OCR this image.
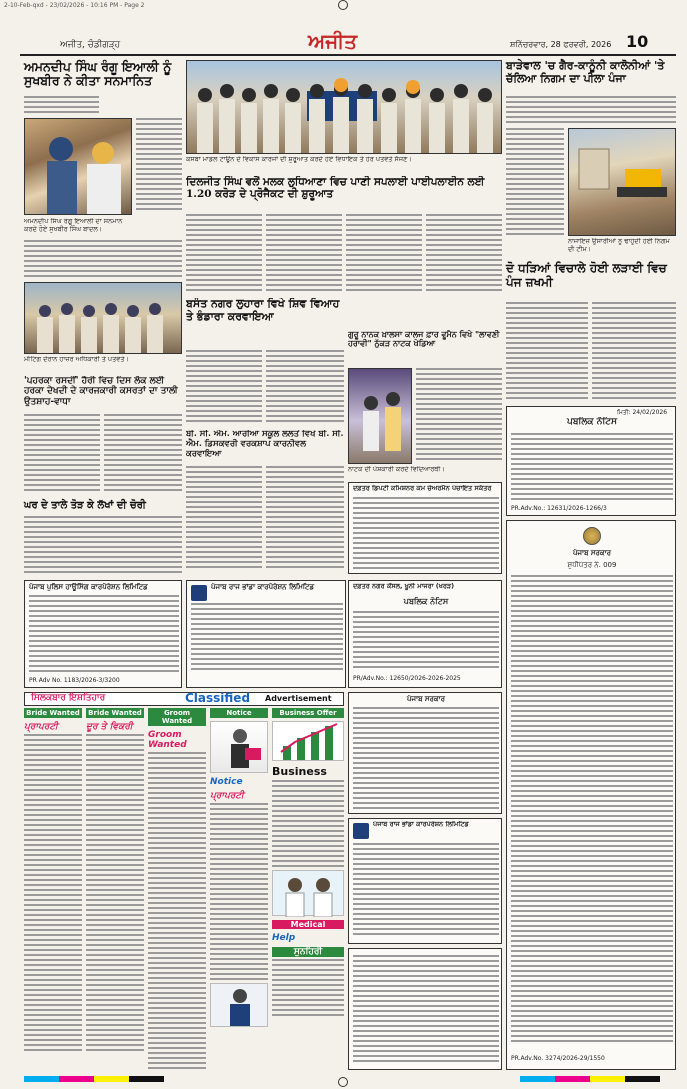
2-10-Feb-qxd - 23/02/2026 - 10:16 PM - Page 2
ਅਜੀਤ, ਚੰਡੀਗੜ੍ਹ	ਅਜੀਤ	ਸ਼ਨਿੱਚਰਵਾਰ, 28 ਫਰਵਰੀ, 2026 10
ਅਮਨਦੀਪ ਸਿੰਘ ਰੰਗੂ ਇਆਲੀ ਨੂੰ ਸੁਖਬੀਰ ਨੇ ਕੀਤਾ ਸਨਮਾਨਿਤ
ਅਮਨਦੀਪ ਸਿੰਘ ਰੰਗੂ ਇਆਲੀ ਦਾ ਸਨਮਾਨ ਕਰਦੇ ਹੋਏ ਸੁਖਬੀਰ ਸਿੰਘ ਬਾਦਲ।
ਮੀਟਿੰਗ ਦੌਰਾਨ ਹਾਜ਼ਰ ਅਧਿਕਾਰੀ ਤੇ ਪਤਵੰਤੇ।
'ਪਹਰਕਾ ਰਸਦੀਂ' ਹੈਰੀ ਵਿਚ ਦਿਸ ਲੋਕ ਲਈ ਹਰਕਾ ਦੇਖਦੀ ਦੇ ਕਾਰਜਕਾਰੀ ਕਸਰਤਾਂ ਦਾ ਤਾਲੀ ਉਤਸ਼ਾਹ-ਵਾਧਾ
ਘਰ ਦੇ ਤਾਲੇ ਤੋੜ ਕੇ ਲੱਖਾਂ ਦੀ ਚੋਰੀ
ਪੰਜਾਬ ਪੁਲਿਸ ਹਾਊਸਿੰਗ ਕਾਰਪੋਰੇਸ਼ਨ ਲਿਮਿਟਿਡ
PR Adv No. 1183/2026-3/3200
ਕਸਬਾ ਮਾਡਲ ਟਾਊਨ ਦੇ ਵਿਕਾਸ ਕਾਰਜਾਂ ਦੀ ਸ਼ੁਰੂਆਤ ਕਰਦੇ ਹੋਏ ਵਿਧਾਇਕ ਤੇ ਹੋਰ ਪਤਵੰਤੇ ਸੱਜਣ।
ਦਿਲਜੀਤ ਸਿੰਘ ਵਲੋਂ ਮਲਕ ਲੁਧਿਆਣਾ ਵਿਚ ਪਾਣੀ ਸਪਲਾਈ ਪਾਈਪਲਾਈਨ ਲਈ 1.20 ਕਰੋੜ ਦੇ ਪ੍ਰੋਜੈਕਟ ਦੀ ਸ਼ੁਰੂਆਤ
ਬਸੰਤ ਨਗਰ ਲੁਹਾਰਾ ਵਿਖੇ ਸ਼ਿਵ ਵਿਆਹ ਤੇ ਭੰਡਾਰਾ ਕਰਵਾਇਆ
ਬੀ. ਸੀ. ਐਮ. ਆਰੀਆ ਸਕੂਲ ਲਲਤੋਂ ਵਿਖੇ ਬੀ. ਸੀ. ਐਮ. ਡਿਸਕਵਰੀ ਵਰਕਸ਼ਾਪ ਕਾਰਨੀਵਲ ਕਰਵਾਇਆ
ਗੁਰੂ ਨਾਨਕ ਖ਼ਾਲਸਾ ਕਾਲਜ ਫ਼ਾਰ ਵੂਮੈਨ ਵਿਖੇ "ਲਾਵਣੀ ਹਰਾਵੀ" ਨੁੱਕੜ ਨਾਟਕ ਖੇਡਿਆ
ਨਾਟਕ ਦੀ ਪੇਸ਼ਕਾਰੀ ਕਰਦੇ ਵਿਦਿਆਰਥੀ।
ਦਫ਼ਤਰ ਡਿਪਟੀ ਕਮਿਸ਼ਨਰ ਕਮ ਚੇਅਰਮੈਨ ਪੰਚਾਇਤ ਸਕੱਤਰ
ਪੰਜਾਬ ਰਾਜ ਭਾਂਡਾ ਕਾਰਪੋਰੇਸ਼ਨ ਲਿਮਿਟਿਡ	ਦਫ਼ਤਰ ਨਗਰ ਕੌਂਸਲ, ਖੂਨੀ ਮਾਜਰਾ (ਖਰੜ)
ਪਬਲਿਕ ਨੋਟਿਸ
PR/Adv.No.: 12650/2026-2026-2025
ਬਾੜੇਵਾਲ 'ਚ ਗੈਰ-ਕਾਨੂੰਨੀ ਕਾਲੋਨੀਆਂ 'ਤੇ ਚੱਲਿਆ ਨਿਗਮ ਦਾ ਪੀਲਾ ਪੰਜਾ
ਨਾਜਾਇਜ਼ ਉਸਾਰੀਆਂ ਨੂੰ ਢਾਹੁੰਦੀ ਹੋਈ ਨਿਗਮ ਦੀ ਟੀਮ।
ਦੋ ਧੜਿਆਂ ਵਿਚਾਲੇ ਹੋਈ ਲੜਾਈ ਵਿਚ ਪੰਜ ਜ਼ਖਮੀ
ਮਿਤੀ: 24/02/2026
ਪਬਲਿਕ ਨੋਟਿਸ
PR.Adv.No.: 12631/2026-1266/3
ਪੰਜਾਬ ਸਰਕਾਰ
ਸ਼ੁਧੀਪੱਤਰ ਨੰ. 009
PR.Adv.No. 3274/2026-29/1550
ਪੰਜਾਬ ਸਰਕਾਰ
ਪੰਜਾਬ ਰਾਜ ਭਾਂਡਾ ਕਾਰਪੋਰੇਸ਼ਨ ਲਿਮਿਟਿਡ
ਸਿਲਕਬਾਰ ਇਸ਼ਤਿਹਾਰ	Classified Advertisement
Bride Wanted
ਪ੍ਰਾਪਰਟੀ
Bride Wanted
ਦੂਰ ਤੇ ਵਿਕਰੀ
Groom Wanted
Groom Wanted
Notice
Notice
ਪ੍ਰਾਪਰਟੀ
Business Offer
Business
Medical
Help
ਸੁਨਹਿਰੀ
